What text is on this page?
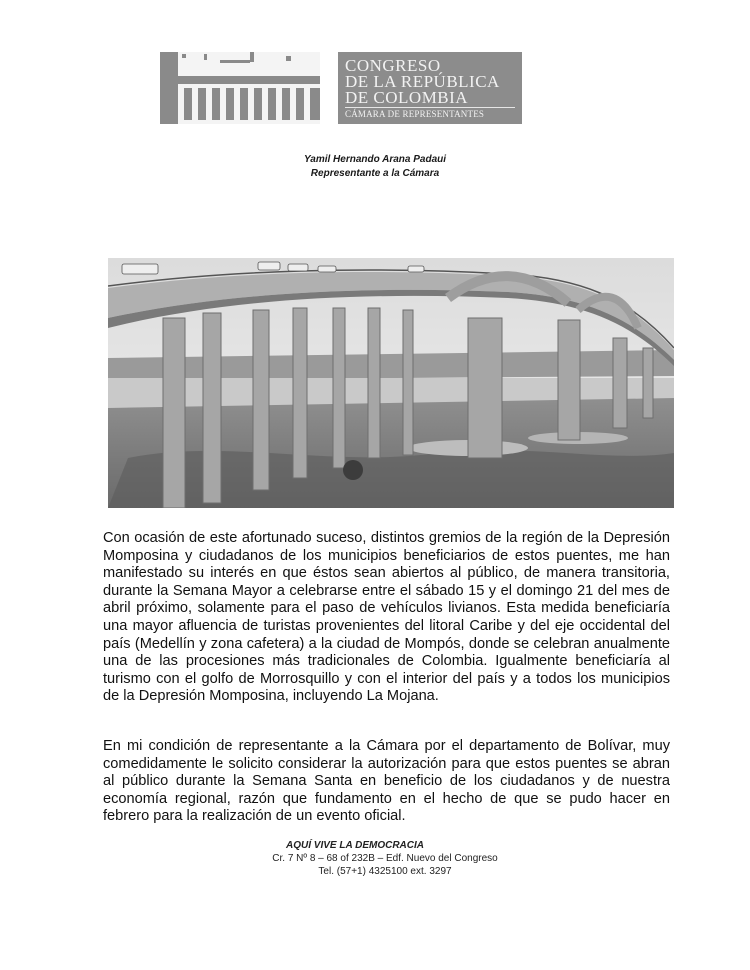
CONGRESO
DE LA REPÚBLICA
DE COLOMBIA
CÁMARA DE REPRESENTANTES
Yamil Hernando Arana Padaui
Representante a la Cámara
Con ocasión de este afortunado suceso, distintos gremios de la región de la Depresión Momposina y ciudadanos de los municipios beneficiarios de estos puentes, me han manifestado su interés en que éstos sean abiertos al público, de manera transitoria, durante la Semana Mayor a celebrarse entre el sábado 15 y el domingo 21 del mes de abril próximo, solamente para el paso de vehículos livianos. Esta medida beneficiaría una mayor afluencia de turistas provenientes del litoral Caribe y del eje occidental del país (Medellín y zona cafetera) a la ciudad de Mompós, donde se celebran anualmente una de las procesiones más tradicionales de Colombia. Igualmente beneficiaría al turismo con el golfo de Morrosquillo y con el interior del país y a todos los municipios de la Depresión Momposina, incluyendo La Mojana.
En mi condición de representante a la Cámara por el departamento de Bolívar, muy comedidamente le solicito considerar la autorización para que estos puentes se abran al público durante la Semana Santa en beneficio de los ciudadanos y de nuestra economía regional, razón que fundamento en el hecho de que se pudo hacer en febrero para la realización de un evento oficial.
AQUÍ VIVE LA DEMOCRACIA
Cr. 7 Nº 8 – 68 of 232B – Edf. Nuevo del Congreso
Tel. (57+1) 4325100 ext. 3297
